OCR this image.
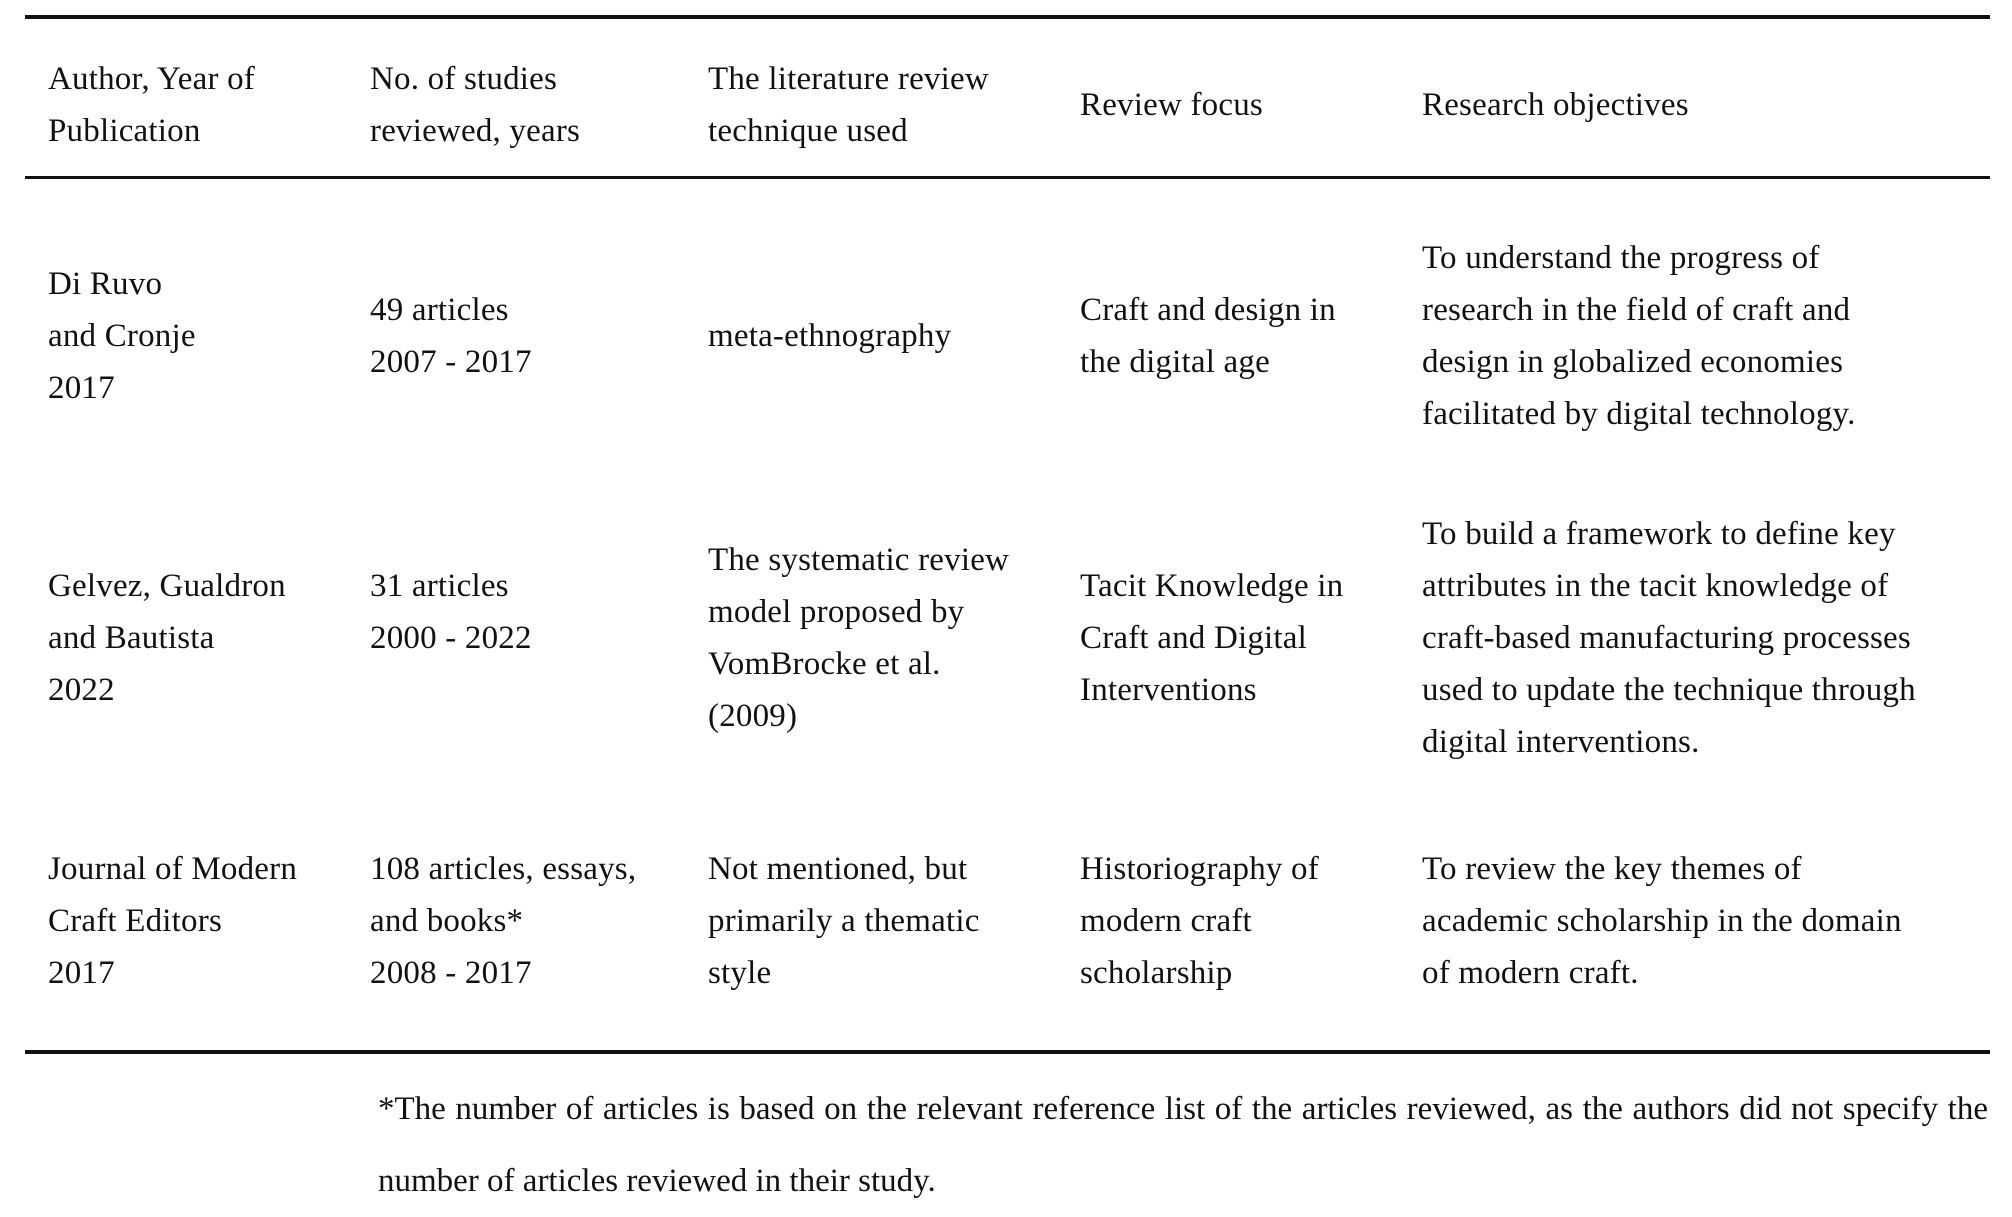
Author, Year of
Publication
No. of studies
reviewed, years
The literature review
technique used
Review focus	Research objectives
Di Ruvo
and Cronje
2017
49 articles
2007 - 2017
meta-ethnography
Craft and design in
the digital age
To understand the progress of
research in the field of craft and
design in globalized economies
facilitated by digital technology.
Gelvez, Gualdron
and Bautista
2022
31 articles
2000 - 2022
The systematic review
model proposed by
VomBrocke et al.
(2009)
Tacit Knowledge in
Craft and Digital
Interventions
To build a framework to define key
attributes in the tacit knowledge of
craft-based manufacturing processes
used to update the technique through
digital interventions.
Journal of Modern
Craft Editors
2017
108 articles, essays,
and books*
2008 - 2017
Not mentioned, but
primarily a thematic
style
Historiography of
modern craft
scholarship
To review the key themes of
academic scholarship in the domain
of modern craft.
*The number of articles is based on the relevant reference list of the articles reviewed, as the authors did not specify the number of articles reviewed in their study.
